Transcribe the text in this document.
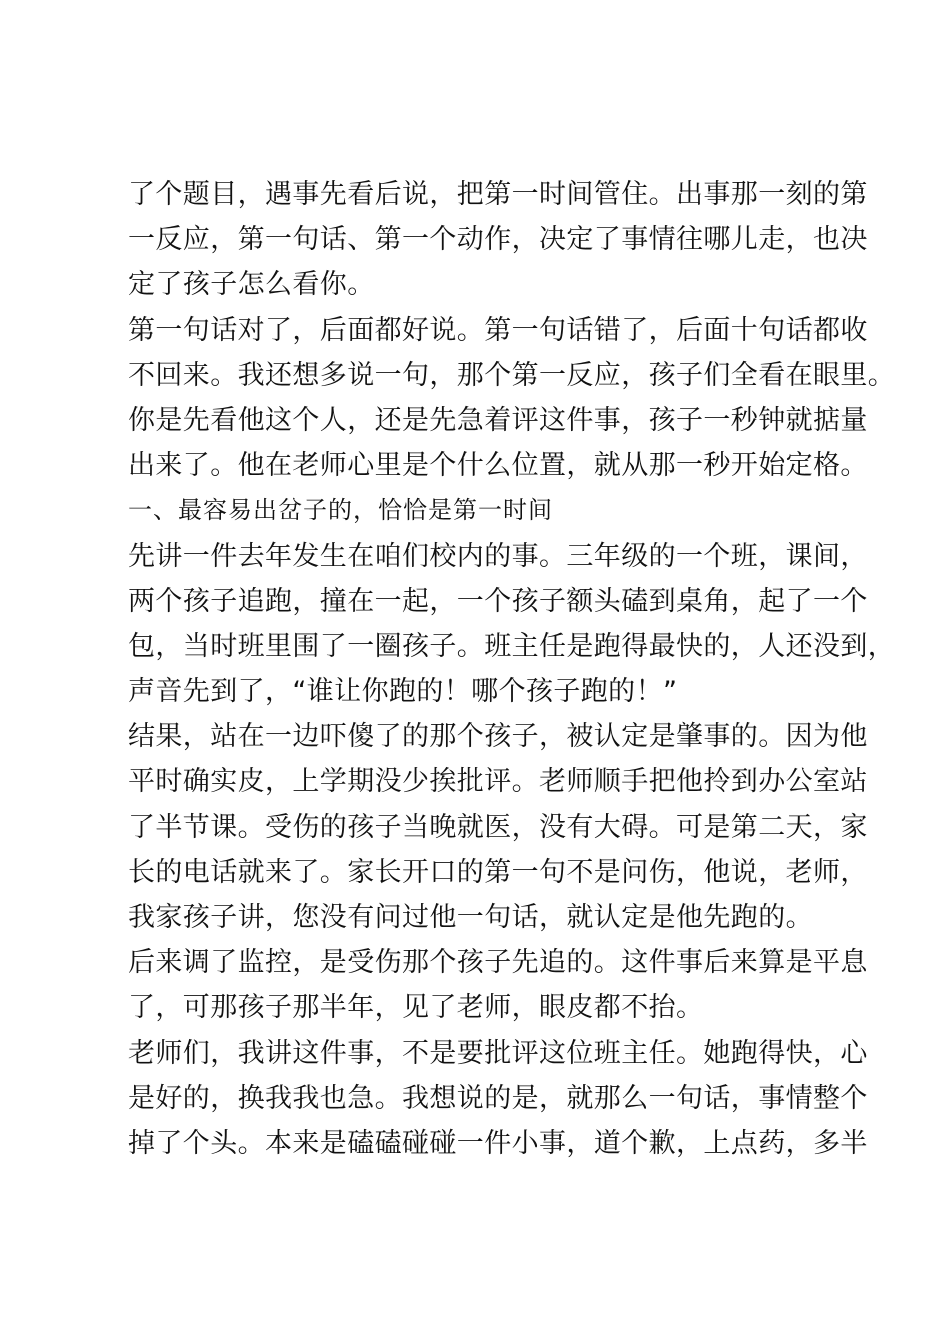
了个题目，遇事先看后说，把第一时间管住。出事那一刻的第
一反应，第一句话、第一个动作，决定了事情往哪儿走，也决
定了孩子怎么看你。
第一句话对了，后面都好说。第一句话错了，后面十句话都收
不回来。我还想多说一句，那个第一反应，孩子们全看在眼里。
你是先看他这个人，还是先急着评这件事，孩子一秒钟就掂量
出来了。他在老师心里是个什么位置，就从那一秒开始定格。
一、最容易出岔子的，恰恰是第一时间
先讲一件去年发生在咱们校内的事。三年级的一个班，课间，
两个孩子追跑，撞在一起，一个孩子额头磕到桌角，起了一个
包，当时班里围了一圈孩子。班主任是跑得最快的，人还没到，
声音先到了，“谁让你跑的！哪个孩子跑的！”
结果，站在一边吓傻了的那个孩子，被认定是肇事的。因为他
平时确实皮，上学期没少挨批评。老师顺手把他拎到办公室站
了半节课。受伤的孩子当晚就医，没有大碍。可是第二天，家
长的电话就来了。家长开口的第一句不是问伤，他说，老师，
我家孩子讲，您没有问过他一句话，就认定是他先跑的。
后来调了监控，是受伤那个孩子先追的。这件事后来算是平息
了，可那孩子那半年，见了老师，眼皮都不抬。
老师们，我讲这件事，不是要批评这位班主任。她跑得快，心
是好的，换我我也急。我想说的是，就那么一句话，事情整个
掉了个头。本来是磕磕碰碰一件小事，道个歉，上点药，多半
